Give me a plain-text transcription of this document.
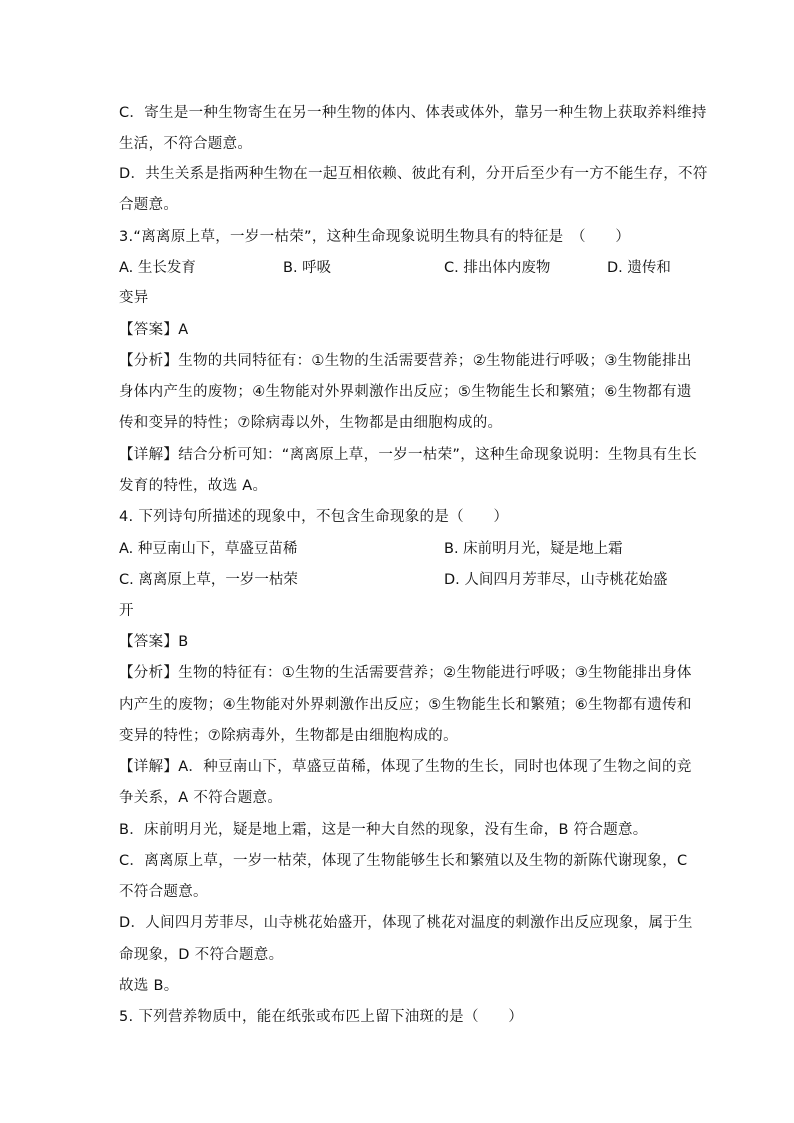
C．寄生是一种生物寄生在另一种生物的体内、体表或体外，靠另一种生物上获取养料维持
生活，不符合题意。
D．共生关系是指两种生物在一起互相依赖、彼此有利，分开后至少有一方不能生存，不符
合题意。
3.“离离原上草，一岁一枯荣”，这种生命现象说明生物具有的特征是　（　　）
A. 生长发育	B. 呼吸	C. 排出体内废物	D. 遗传和
变异
【答案】A
【分析】生物的共同特征有：①生物的生活需要营养；②生物能进行呼吸；③生物能排出
身体内产生的废物；④生物能对外界刺激作出反应；⑤生物能生长和繁殖；⑥生物都有遗
传和变异的特性；⑦除病毒以外，生物都是由细胞构成的。
【详解】结合分析可知：“离离原上草，一岁一枯荣”，这种生命现象说明：生物具有生长
发育的特性，故选 A。
4. 下列诗句所描述的现象中，不包含生命现象的是（　　）
A. 种豆南山下，草盛豆苗稀	B. 床前明月光，疑是地上霜
C. 离离原上草，一岁一枯荣	D. 人间四月芳菲尽，山寺桃花始盛
开
【答案】B
【分析】生物的特征有：①生物的生活需要营养；②生物能进行呼吸；③生物能排出身体
内产生的废物；④生物能对外界刺激作出反应；⑤生物能生长和繁殖；⑥生物都有遗传和
变异的特性；⑦除病毒外，生物都是由细胞构成的。
【详解】A．种豆南山下，草盛豆苗稀，体现了生物的生长，同时也体现了生物之间的竞
争关系，A 不符合题意。
B．床前明月光，疑是地上霜，这是一种大自然的现象，没有生命，B 符合题意。
C．离离原上草，一岁一枯荣，体现了生物能够生长和繁殖以及生物的新陈代谢现象，C
不符合题意。
D．人间四月芳菲尽，山寺桃花始盛开，体现了桃花对温度的刺激作出反应现象，属于生
命现象，D 不符合题意。
故选 B。
5. 下列营养物质中，能在纸张或布匹上留下油斑的是（　　）
